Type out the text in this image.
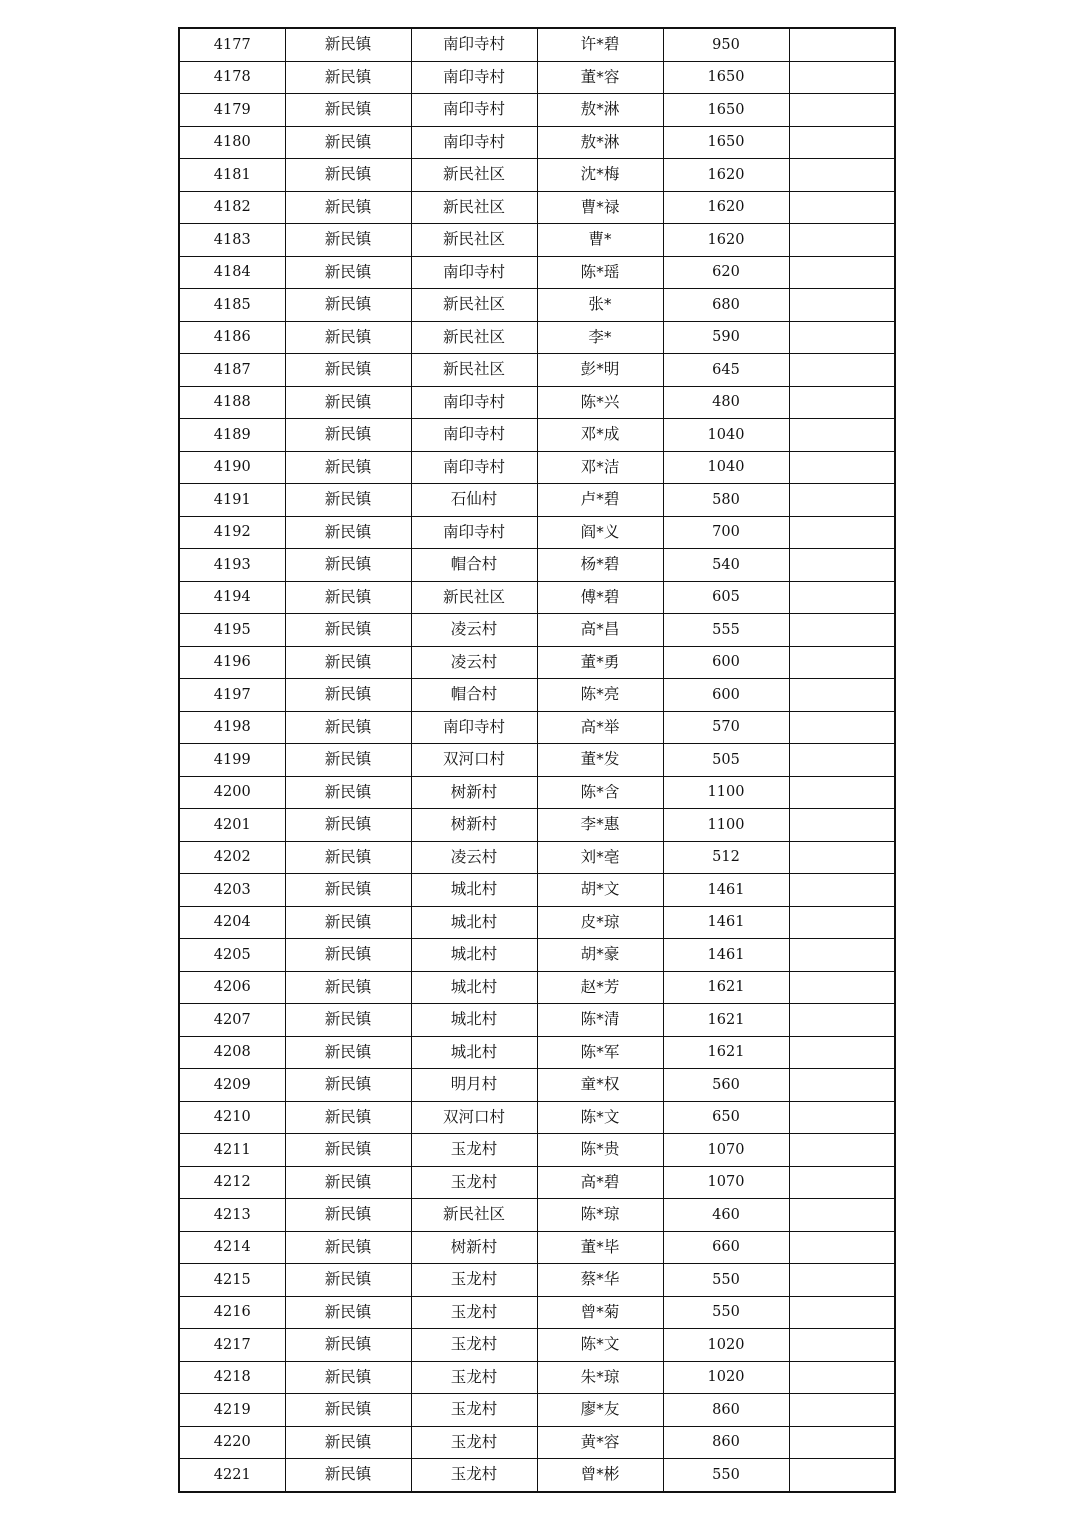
4177	新民镇	南印寺村	许*碧	950	
4178	新民镇	南印寺村	董*容	1650	
4179	新民镇	南印寺村	敖*淋	1650	
4180	新民镇	南印寺村	敖*淋	1650	
4181	新民镇	新民社区	沈*梅	1620	
4182	新民镇	新民社区	曹*禄	1620	
4183	新民镇	新民社区	曹*	1620	
4184	新民镇	南印寺村	陈*瑶	620	
4185	新民镇	新民社区	张*	680	
4186	新民镇	新民社区	李*	590	
4187	新民镇	新民社区	彭*明	645	
4188	新民镇	南印寺村	陈*兴	480	
4189	新民镇	南印寺村	邓*成	1040	
4190	新民镇	南印寺村	邓*洁	1040	
4191	新民镇	石仙村	卢*碧	580	
4192	新民镇	南印寺村	阎*义	700	
4193	新民镇	帽合村	杨*碧	540	
4194	新民镇	新民社区	傅*碧	605	
4195	新民镇	凌云村	高*昌	555	
4196	新民镇	凌云村	董*勇	600	
4197	新民镇	帽合村	陈*亮	600	
4198	新民镇	南印寺村	高*举	570	
4199	新民镇	双河口村	董*发	505	
4200	新民镇	树新村	陈*含	1100	
4201	新民镇	树新村	李*惠	1100	
4202	新民镇	凌云村	刘*亳	512	
4203	新民镇	城北村	胡*文	1461	
4204	新民镇	城北村	皮*琼	1461	
4205	新民镇	城北村	胡*豪	1461	
4206	新民镇	城北村	赵*芳	1621	
4207	新民镇	城北村	陈*清	1621	
4208	新民镇	城北村	陈*军	1621	
4209	新民镇	明月村	童*权	560	
4210	新民镇	双河口村	陈*文	650	
4211	新民镇	玉龙村	陈*贵	1070	
4212	新民镇	玉龙村	高*碧	1070	
4213	新民镇	新民社区	陈*琼	460	
4214	新民镇	树新村	董*毕	660	
4215	新民镇	玉龙村	蔡*华	550	
4216	新民镇	玉龙村	曾*菊	550	
4217	新民镇	玉龙村	陈*文	1020	
4218	新民镇	玉龙村	朱*琼	1020	
4219	新民镇	玉龙村	廖*友	860	
4220	新民镇	玉龙村	黄*容	860	
4221	新民镇	玉龙村	曾*彬	550	
